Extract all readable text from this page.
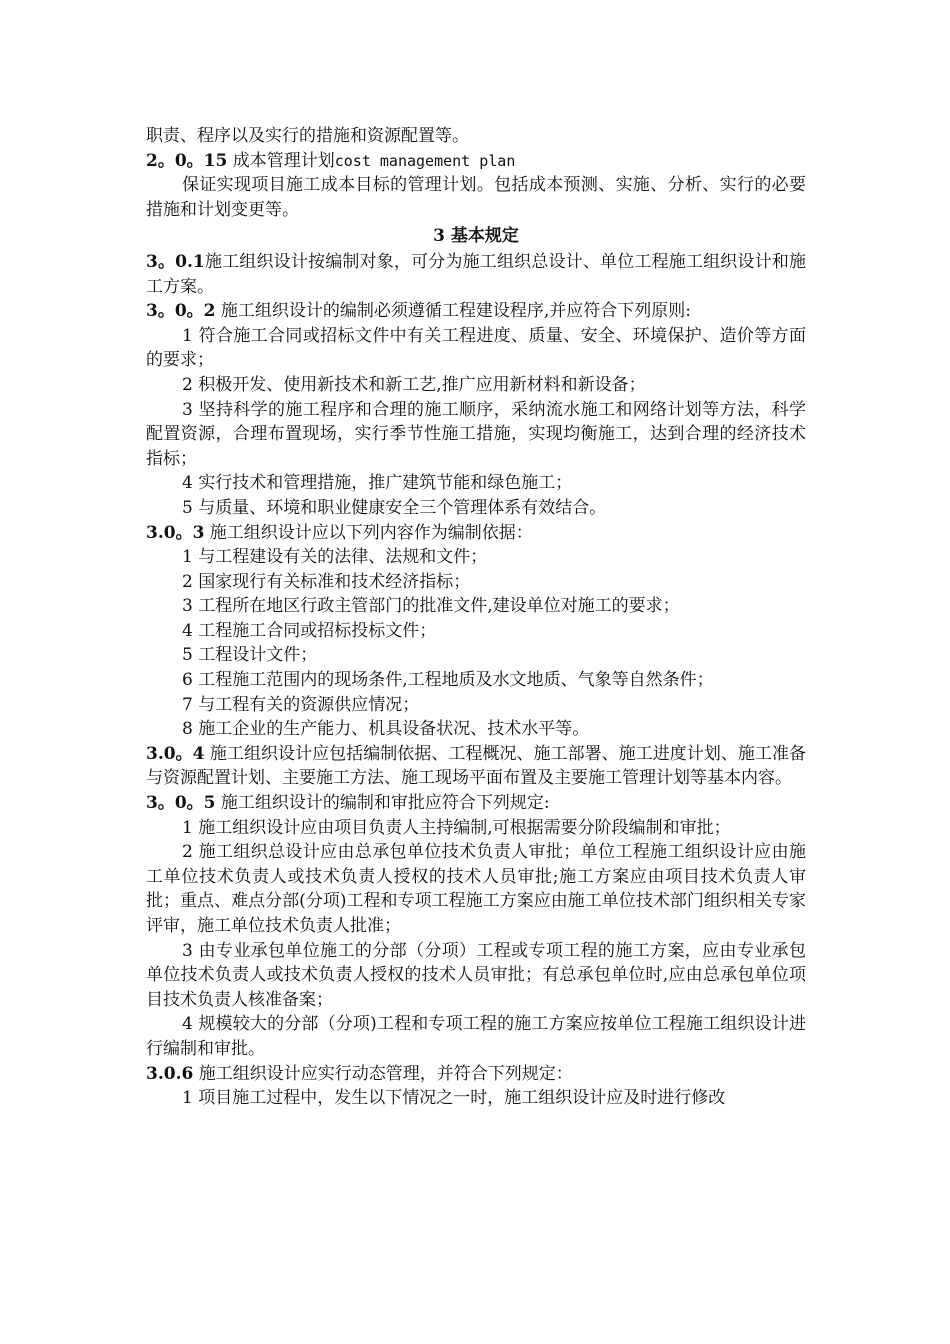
职责、程序以及实行的措施和资源配置等。

2。0。15 成本管理计划cost management plan

保证实现项目施工成本目标的管理计划。包括成本预测、实施、分析、实行的必要措施和计划变更等。

3 基本规定

3。0.1施工组织设计按编制对象，可分为施工组织总设计、单位工程施工组织设计和施工方案。

3。0。2 施工组织设计的编制必须遵循工程建设程序,并应符合下列原则:

1 符合施工合同或招标文件中有关工程进度、质量、安全、环境保护、造价等方面的要求；

2 积极开发、使用新技术和新工艺,推广应用新材料和新设备；

3 坚持科学的施工程序和合理的施工顺序，采纳流水施工和网络计划等方法，科学配置资源，合理布置现场，实行季节性施工措施，实现均衡施工，达到合理的经济技术指标；

4 实行技术和管理措施，推广建筑节能和绿色施工；

5 与质量、环境和职业健康安全三个管理体系有效结合。

3.0。3 施工组织设计应以下列内容作为编制依据：

1 与工程建设有关的法律、法规和文件；

2 国家现行有关标准和技术经济指标；

3 工程所在地区行政主管部门的批准文件,建设单位对施工的要求；

4 工程施工合同或招标投标文件；

5 工程设计文件；

6 工程施工范围内的现场条件,工程地质及水文地质、气象等自然条件；

7 与工程有关的资源供应情况；

8 施工企业的生产能力、机具设备状况、技术水平等。

3.0。4 施工组织设计应包括编制依据、工程概况、施工部署、施工进度计划、施工准备与资源配置计划、主要施工方法、施工现场平面布置及主要施工管理计划等基本内容。

3。0。5 施工组织设计的编制和审批应符合下列规定:

1 施工组织设计应由项目负责人主持编制,可根据需要分阶段编制和审批；

2 施工组织总设计应由总承包单位技术负责人审批；单位工程施工组织设计应由施工单位技术负责人或技术负责人授权的技术人员审批;施工方案应由项目技术负责人审批；重点、难点分部(分项)工程和专项工程施工方案应由施工单位技术部门组织相关专家评审，施工单位技术负责人批准；

3 由专业承包单位施工的分部（分项）工程或专项工程的施工方案，应由专业承包单位技术负责人或技术负责人授权的技术人员审批；有总承包单位时,应由总承包单位项目技术负责人核准备案；

4 规模较大的分部（分项)工程和专项工程的施工方案应按单位工程施工组织设计进行编制和审批。

3.0.6 施工组织设计应实行动态管理，并符合下列规定：

1 项目施工过程中，发生以下情况之一时，施工组织设计应及时进行修改
